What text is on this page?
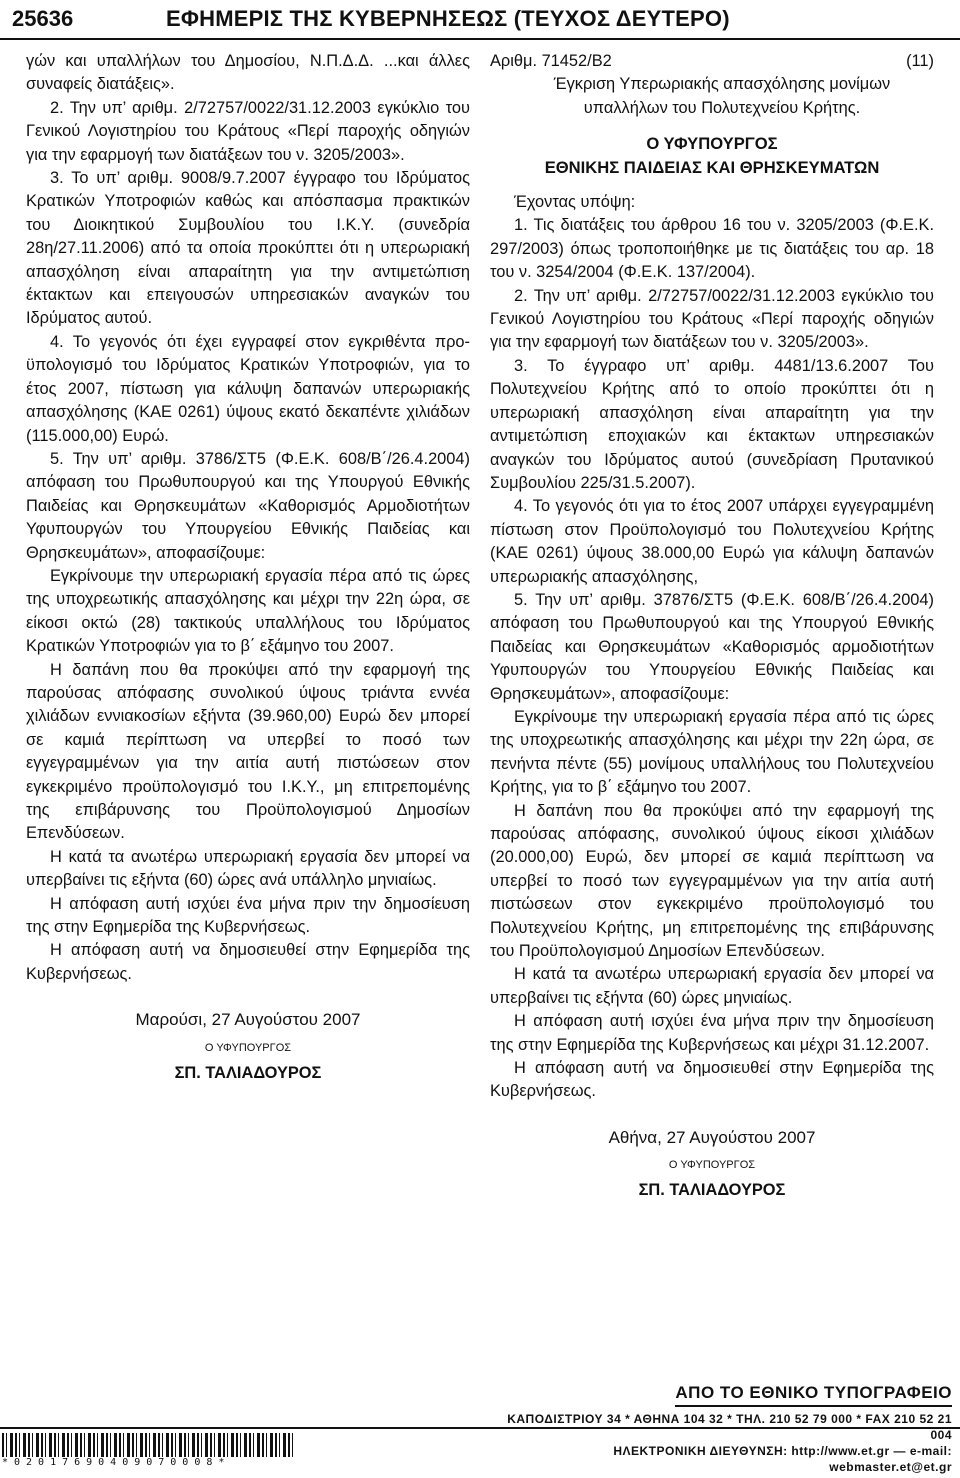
25636	ΕΦΗΜΕΡΙΣ ΤΗΣ ΚΥΒΕΡΝΗΣΕΩΣ (ΤΕΥΧΟΣ ΔΕΥΤΕΡΟ)

γών και υπαλλήλων του Δημοσίου, Ν.Π.Δ.Δ. ...και άλλες συναφείς διατάξεις».

2. Την υπ’ αριθμ. 2/72757/0022/31.12.2003 εγκύκλιο του Γενικού Λογιστηρίου του Κράτους «Περί παροχής οδηγιών για την εφαρμογή των διατάξεων του ν. 3205/2003».

3. Το υπ’ αριθμ. 9008/9.7.2007 έγγραφο του Ιδρύματος Κρατικών Υποτροφιών καθώς και απόσπασμα πρακτικών του Διοικητικού Συμβουλίου του Ι.Κ.Υ. (συνεδρία 28η/27.11.2006) από τα οποία προκύπτει ότι η υπερωριακή απασχόληση είναι απαραίτητη για την αντιμετώπιση έκτακτων και επειγουσών υπηρεσιακών αναγκών του Ιδρύματος αυτού.

4. Το γεγονός ότι έχει εγγραφεί στον εγκριθέντα προϋπολογισμό του Ιδρύματος Κρατικών Υποτροφιών, για το έτος 2007, πίστωση για κάλυψη δαπανών υπερωριακής απασχόλησης (ΚΑΕ 0261) ύψους εκατό δεκαπέντε χιλιάδων (115.000,00) Ευρώ.

5. Την υπ’ αριθμ. 3786/ΣΤ5 (Φ.Ε.Κ. 608/Β΄/26.4.2004) απόφαση του Πρωθυπουργού και της Υπουργού Εθνικής Παιδείας και Θρησκευμάτων «Καθορισμός Αρμοδιοτήτων Υφυπουργών του Υπουργείου Εθνικής Παιδείας και Θρησκευμάτων», αποφασίζουμε:

Εγκρίνουμε την υπερωριακή εργασία πέρα από τις ώρες της υποχρεωτικής απασχόλησης και μέχρι την 22η ώρα, σε είκοσι οκτώ (28) τακτικούς υπαλλήλους του Ιδρύματος Κρατικών Υποτροφιών για το β΄ εξάμηνο του 2007.

Η δαπάνη που θα προκύψει από την εφαρμογή της παρούσας απόφασης συνολικού ύψους τριάντα εννέα χιλιάδων εννιακοσίων εξήντα (39.960,00) Ευρώ δεν μπορεί σε καμιά περίπτωση να υπερβεί το ποσό των εγγεγραμμένων για την αιτία αυτή πιστώσεων στον εγκεκριμένο προϋπολογισμό του Ι.Κ.Υ., μη επιτρεπομένης της επιβάρυνσης του Προϋπολογισμού Δημοσίων Επενδύσεων.

Η κατά τα ανωτέρω υπερωριακή εργασία δεν μπορεί να υπερβαίνει τις εξήντα (60) ώρες ανά υπάλληλο μηνιαίως.

Η απόφαση αυτή ισχύει ένα μήνα πριν την δημοσίευση της στην Εφημερίδα της Κυβερνήσεως.

Η απόφαση αυτή να δημοσιευθεί στην Εφημερίδα της Κυβερνήσεως.

Μαρούσι, 27 Αυγούστου 2007

Ο ΥΦΥΠΟΥΡΓΟΣ

ΣΠ. ΤΑΛΙΑΔΟΥΡΟΣ

Αριθμ. 71452/Β2	(11)

Έγκριση Υπερωριακής απασχόλησης μονίμων υπαλλήλων του Πολυτεχνείου Κρήτης.

Ο ΥΦΥΠΟΥΡΓΟΣ
ΕΘΝΙΚΗΣ ΠΑΙΔΕΙΑΣ ΚΑΙ ΘΡΗΣΚΕΥΜΑΤΩΝ

Έχοντας υπόψη:

1. Τις διατάξεις του άρθρου 16 του ν. 3205/2003 (Φ.Ε.Κ. 297/2003) όπως τροποποιήθηκε με τις διατάξεις του αρ. 18 του ν. 3254/2004 (Φ.Ε.Κ. 137/2004).

2. Την υπ’ αριθμ. 2/72757/0022/31.12.2003 εγκύκλιο του Γενικού Λογιστηρίου του Κράτους «Περί παροχής οδηγιών για την εφαρμογή των διατάξεων του ν. 3205/2003».

3. Το έγγραφο υπ’ αριθμ. 4481/13.6.2007 Του Πολυτεχνείου Κρήτης από το οποίο προκύπτει ότι η υπερωριακή απασχόληση είναι απαραίτητη για την αντιμετώπιση εποχιακών και έκτακτων υπηρεσιακών αναγκών του Ιδρύματος αυτού (συνεδρίαση Πρυτανικού Συμβουλίου 225/31.5.2007).

4. Το γεγονός ότι για το έτος 2007 υπάρχει εγγεγραμμένη πίστωση στον Προϋπολογισμό του Πολυτεχνείου Κρήτης (ΚΑΕ 0261) ύψους 38.000,00 Ευρώ για κάλυψη δαπανών υπερωριακής απασχόλησης,

5. Την υπ’ αριθμ. 37876/ΣΤ5 (Φ.Ε.Κ. 608/Β΄/26.4.2004) απόφαση του Πρωθυπουργού και της Υπουργού Εθνικής Παιδείας και Θρησκευμάτων «Καθορισμός αρμοδιοτήτων Υφυπουργών του Υπουργείου Εθνικής Παιδείας και Θρησκευμάτων», αποφασίζουμε:

Εγκρίνουμε την υπερωριακή εργασία πέρα από τις ώρες της υποχρεωτικής απασχόλησης και μέχρι την 22η ώρα, σε πενήντα πέντε (55) μονίμους υπαλλήλους του Πολυτεχνείου Κρήτης, για το β΄ εξάμηνο του 2007.

Η δαπάνη που θα προκύψει από την εφαρμογή της παρούσας απόφασης, συνολικού ύψους είκοσι χιλιάδων (20.000,00) Ευρώ, δεν μπορεί σε καμιά περίπτωση να υπερβεί το ποσό των εγγεγραμμένων για την αιτία αυτή πιστώσεων στον εγκεκριμένο προϋπολογισμό του Πολυτεχνείου Κρήτης, μη επιτρεπομένης της επιβάρυνσης του Προϋπολογισμού Δημοσίων Επενδύσεων.

Η κατά τα ανωτέρω υπερωριακή εργασία δεν μπορεί να υπερβαίνει τις εξήντα (60) ώρες μηνιαίως.

Η απόφαση αυτή ισχύει ένα μήνα πριν την δημοσίευση της στην Εφημερίδα της Κυβερνήσεως και μέχρι 31.12.2007.

Η απόφαση αυτή να δημοσιευθεί στην Εφημερίδα της Κυβερνήσεως.

Αθήνα, 27 Αυγούστου 2007

Ο ΥΦΥΠΟΥΡΓΟΣ

ΣΠ. ΤΑΛΙΑΔΟΥΡΟΣ

ΑΠΟ ΤΟ ΕΘΝΙΚΟ ΤΥΠΟΓΡΑΦΕΙΟ
ΚΑΠΟΔΙΣΤΡΙΟΥ 34 * ΑΘΗΝΑ 104 32 * ΤΗΛ. 210 52 79 000 * FAX 210 52 21 004
ΗΛΕΚΤΡΟΝΙΚΗ ΔΙΕΥΘΥΝΣΗ: http://www.et.gr — e-mail: webmaster.et@et.gr
*02017690409070008*
